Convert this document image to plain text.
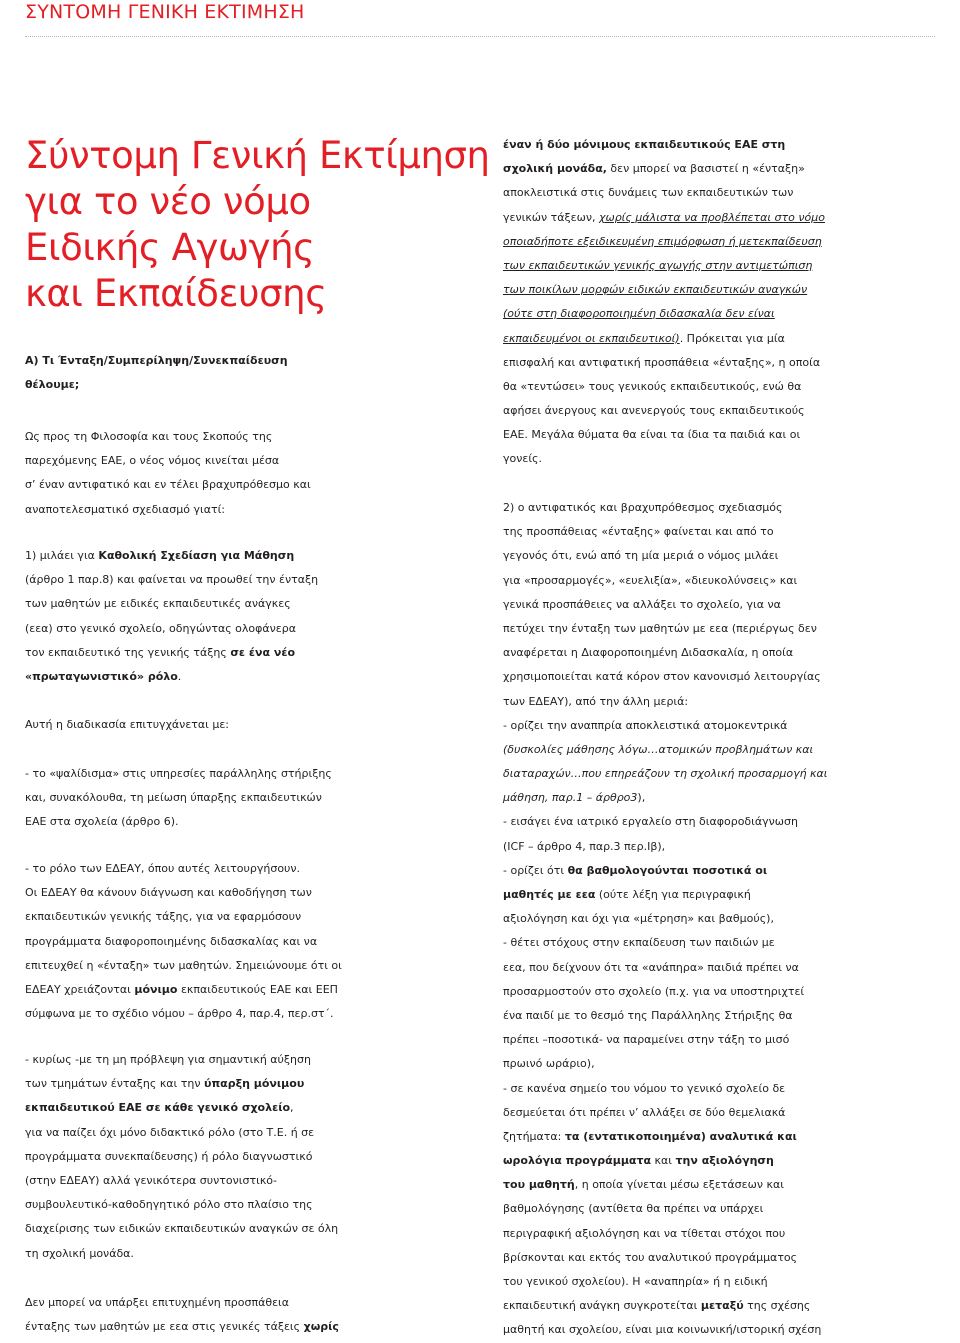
ΣΥΝΤΟΜΗ ΓΕΝΙΚΗ ΕΚΤΙΜΗΣΗ
Σύντομη Γενική Εκτίμηση
για το νέο νόμο
Ειδικής Αγωγής
και Εκπαίδευσης
Α) Τι Ένταξη/Συμπερίληψη/Συνεκπαίδευση
θέλουμε;
Ως προς τη Φιλοσοφία και τους Σκοπούς της
παρεχόμενης ΕΑΕ, ο νέος νόμος κινείται μέσα
σ’ έναν αντιφατικό και εν τέλει βραχυπρόθεσμο και
αναποτελεσματικό σχεδιασμό γιατί:
1) μιλάει για Καθολική Σχεδίαση για Μάθηση
(άρθρο 1 παρ.8) και φαίνεται να προωθεί την ένταξη
των μαθητών με ειδικές εκπαιδευτικές ανάγκες
(εεα) στο γενικό σχολείο, οδηγώντας ολοφάνερα
τον εκπαιδευτικό της γενικής τάξης σε ένα νέο
«πρωταγωνιστικό» ρόλο.
Αυτή η διαδικασία επιτυγχάνεται με:
- το «ψαλίδισμα» στις υπηρεσίες παράλληλης στήριξης
και, συνακόλουθα, τη μείωση ύπαρξης εκπαιδευτικών
ΕΑΕ στα σχολεία (άρθρο 6).
- το ρόλο των ΕΔΕΑΥ, όπου αυτές λειτουργήσουν.
Οι ΕΔΕΑΥ θα κάνουν διάγνωση και καθοδήγηση των
εκπαιδευτικών γενικής τάξης, για να εφαρμόσουν
προγράμματα διαφοροποιημένης διδασκαλίας και να
επιτευχθεί η «ένταξη» των μαθητών. Σημειώνουμε ότι οι
ΕΔΕΑΥ χρειάζονται μόνιμο εκπαιδευτικούς ΕΑΕ και ΕΕΠ
σύμφωνα με το σχέδιο νόμου – άρθρο 4, παρ.4, περ.στ΄.
- κυρίως -με τη μη πρόβλεψη για σημαντική αύξηση
των τμημάτων ένταξης και την ύπαρξη μόνιμου
εκπαιδευτικού ΕΑΕ σε κάθε γενικό σχολείο,
για να παίζει όχι μόνο διδακτικό ρόλο (στο Τ.Ε. ή σε
προγράμματα συνεκπαίδευσης) ή ρόλο διαγνωστικό
(στην ΕΔΕΑΥ) αλλά γενικότερα συντονιστικό-
συμβουλευτικό-καθοδηγητικό ρόλο στο πλαίσιο της
διαχείρισης των ειδικών εκπαιδευτικών αναγκών σε όλη
τη σχολική μονάδα.
Δεν μπορεί να υπάρξει επιτυχημένη προσπάθεια
ένταξης των μαθητών με εεα στις γενικές τάξεις χωρίς
έναν ή δύο μόνιμους εκπαιδευτικούς ΕΑΕ στη
σχολική μονάδα, δεν μπορεί να βασιστεί η «ένταξη»
αποκλειστικά στις δυνάμεις των εκπαιδευτικών των
γενικών τάξεων, χωρίς μάλιστα να προβλέπεται στο νόμο
οποιαδήποτε εξειδικευμένη επιμόρφωση ή μετεκπαίδευση
των εκπαιδευτικών γενικής αγωγής στην αντιμετώπιση
των ποικίλων μορφών ειδικών εκπαιδευτικών αναγκών
(ούτε στη διαφοροποιημένη διδασκαλία δεν είναι
εκπαιδευμένοι οι εκπαιδευτικοί). Πρόκειται για μία
επισφαλή και αντιφατική προσπάθεια «ένταξης», η οποία
θα «τεντώσει» τους γενικούς εκπαιδευτικούς, ενώ θα
αφήσει άνεργους και ανενεργούς τους εκπαιδευτικούς
ΕΑΕ. Μεγάλα θύματα θα είναι τα ίδια τα παιδιά και οι
γονείς.
2) ο αντιφατικός και βραχυπρόθεσμος σχεδιασμός
της προσπάθειας «ένταξης» φαίνεται και από το
γεγονός ότι, ενώ από τη μία μεριά ο νόμος μιλάει
για «προσαρμογές», «ευελιξία», «διευκολύνσεις» και
γενικά προσπάθειες να αλλάξει το σχολείο, για να
πετύχει την ένταξη των μαθητών με εεα (περιέργως δεν
αναφέρεται η Διαφοροποιημένη Διδασκαλία, η οποία
χρησιμοποιείται κατά κόρον στον κανονισμό λειτουργίας
των ΕΔΕΑΥ), από την άλλη μεριά:
- ορίζει την αναππρία αποκλειστικά ατομοκεντρικά
(δυσκολίες μάθησης λόγω…ατομικών προβλημάτων και
διαταραχών…που επηρεάζουν τη σχολική προσαρμογή και
μάθηση, παρ.1 – άρθρο3),
- εισάγει ένα ιατρικό εργαλείο στη διαφοροδιάγνωση
(ICF – άρθρο 4, παρ.3 περ.Ιβ),
- ορίζει ότι θα βαθμολογούνται ποσοτικά οι
μαθητές με εεα (ούτε λέξη για περιγραφική
αξιολόγηση και όχι για «μέτρηση» και βαθμούς),
- θέτει στόχους στην εκπαίδευση των παιδιών με
εεα, που δείχνουν ότι τα «ανάπηρα» παιδιά πρέπει να
προσαρμοστούν στο σχολείο (π.χ. για να υποστηριχτεί
ένα παιδί με το θεσμό της Παράλληλης Στήριξης θα
πρέπει –ποσοτικά- να παραμείνει στην τάξη το μισό
πρωινό ωράριο),
- σε κανένα σημείο του νόμου το γενικό σχολείο δε
δεσμεύεται ότι πρέπει ν’ αλλάξει σε δύο θεμελιακά
ζητήματα: τα (εντατικοποιημένα) αναλυτικά και
ωρολόγια προγράμματα και την αξιολόγηση
του μαθητή, η οποία γίνεται μέσω εξετάσεων και
βαθμολόγησης (αντίθετα θα πρέπει να υπάρχει
περιγραφική αξιολόγηση και να τίθεται στόχοι που
βρίσκονται και εκτός του αναλυτικού προγράμματος
του γενικού σχολείου). Η «αναπηρία» ή η ειδική
εκπαιδευτική ανάγκη συγκροτείται μεταξύ της σχέσης
μαθητή και σχολείου, είναι μια κοινωνική/ιστορική σχέση
